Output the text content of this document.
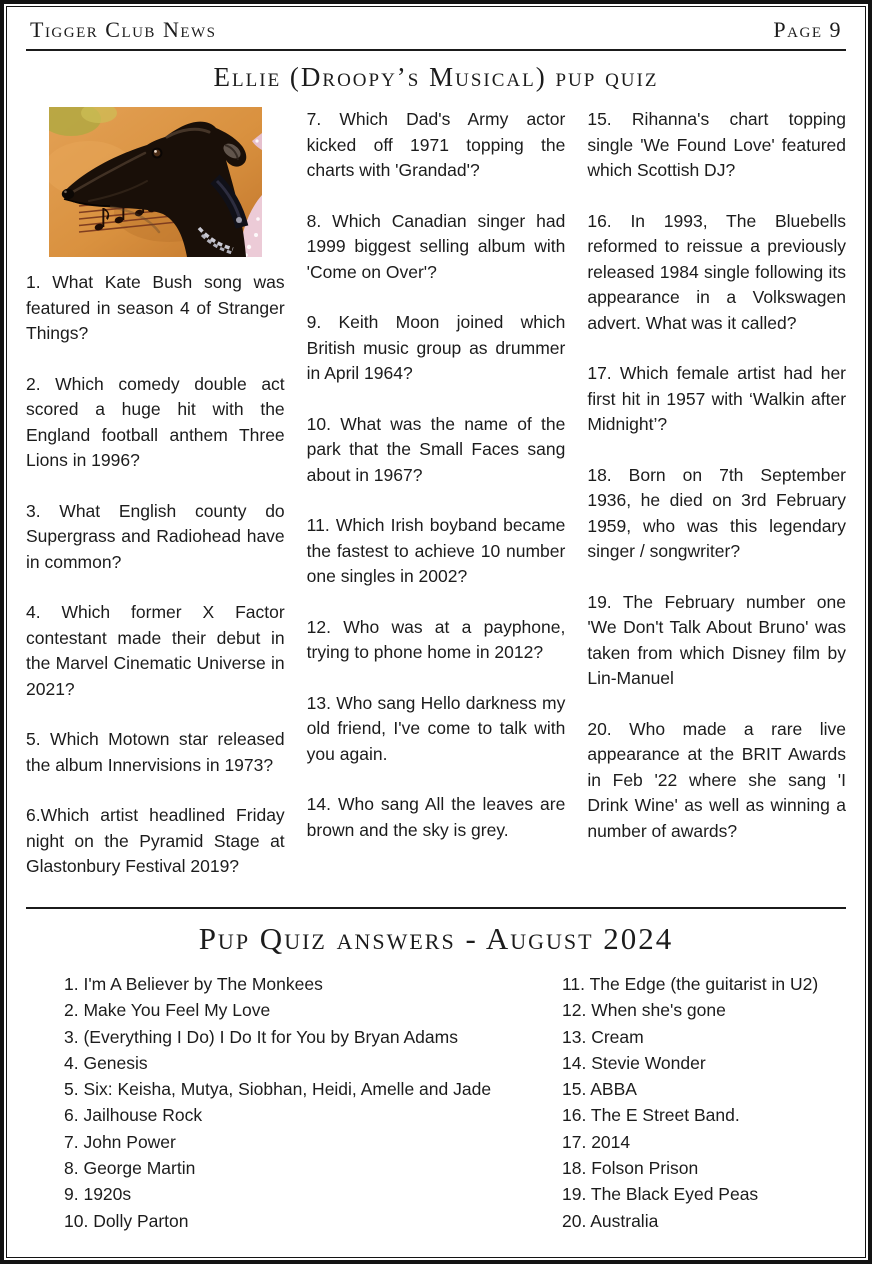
Tigger Club News	Page 9
Ellie (Droopy’s Musical) pup quiz

1. What Kate Bush song was featured in season 4 of Stranger Things?

2. Which comedy double act scored a huge hit with the England football anthem Three Lions in 1996?

3. What English county do Supergrass and Radiohead have in common?

4. Which former X Factor contestant made their debut in the Marvel Cinematic Universe in 2021?

5. Which Motown star released the album Innervisions in 1973?

6.Which artist headlined Friday night on the Pyramid Stage at Glastonbury Festival 2019?

7. Which Dad's Army actor kicked off 1971 topping the charts with 'Grandad'?

8. Which Canadian singer had 1999 biggest selling album with 'Come on Over'?

9. Keith Moon joined which British music group as drummer in April 1964?

10. What was the name of the park that the Small Faces sang about in 1967?

11. Which Irish boyband became the fastest to achieve 10 number one singles in 2002?

12. Who was at a payphone, trying to phone home in 2012?

13. Who sang Hello darkness my old friend, I've come to talk with you again.

14. Who sang All the leaves are brown and the sky is grey.

15. Rihanna's chart topping single 'We Found Love' featured which Scottish DJ?

16. In 1993, The Bluebells reformed to reissue a previously released 1984 single following its appearance in a Volkswagen advert. What was it called?

17. Which female artist had her first hit in 1957 with ‘Walkin after Midnight’?

18. Born on 7th September 1936, he died on 3rd February 1959, who was this legendary singer / songwriter?

19. The February number one 'We Don't Talk About Bruno' was taken from which Disney film by Lin-Manuel

20. Who made a rare live appearance at the BRIT Awards in Feb '22 where she sang 'I Drink Wine' as well as winning a number of awards?

Pup Quiz answers - August 2024
1. I'm A Believer by The Monkees
2. Make You Feel My Love
3. (Everything I Do) I Do It for You by Bryan Adams
4. Genesis
5. Six: Keisha, Mutya, Siobhan, Heidi, Amelle and Jade
6. Jailhouse Rock
7. John Power
8. George Martin
9. 1920s
10. Dolly Parton
11. The Edge (the guitarist in U2)
12. When she's gone
13. Cream
14. Stevie Wonder
15. ABBA
16. The E Street Band.
17. 2014
18. Folson Prison
19. The Black Eyed Peas
20. Australia
